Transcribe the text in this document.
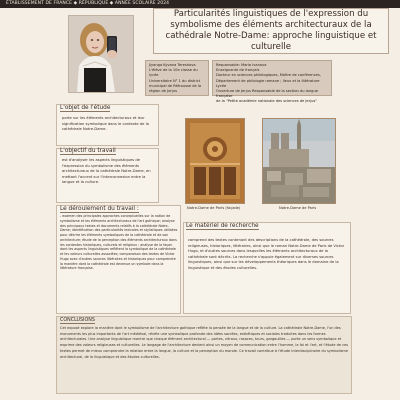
ÉTABLISSEMENT DE FRANCE ◆ RÉPUBLIQUE ◆ ANNÉE SCOLAIRE 2024
Particularités linguistiques de l'expression du symbolisme des éléments architecturaux de la cathédrale Notre-Dame: approche linguistique et culturelle
Jiyanga Kyvana Tereshova
L'élève de la 10e classe du lycée
Universitaire N° 1 du district
municipal de Rétrousse de la
région de Jerjus
Responsable: Maria Ivanova
Enseignante de français
Docteur en sciences philologiques, Maître de conférences,
Département de philologie romane ; lieux et la littérature Lycée
Ouverture de Jerjus Responsable de la section du langue française
de la "Petite académie nationale des sciences de Jerjus"
L'objet de l'étude
porte sur les éléments architecturaux et leur signification symbolique dans le contexte de la cathédrale Notre-Dame.
L'objectif du travail
est d'analyser les aspects linguistiques de l'expression du symbolisme des éléments architecturaux de la cathédrale Notre-Dame, en mettant l'accent sur l'interconnexion entre la langue et la culture.
Le déroulement du travail :
- examen des principales approches conceptuelles sur la notion de symbolisme et les éléments architecturaux de l'art gothique; analyse des principaux textes et documents relatifs à la cathédrale Notre-Dame; identification des particularités lexicales et stylistiques utilisées pour décrire les éléments symboliques de la cathédrale et de son architecture; étude de la perception des éléments architecturaux dans les contextes historiques, culturels et religieux ; analyse de la façon dont les aspects linguistiques reflètent la symbolique de la cathédrale et les valeurs culturelles associées; comparaison des textes de Victor Hugo avec d'autres sources littéraires et historiques pour comprendre la manière dont la cathédrale est devenue un symbole dans la littérature française.
Notre-Dame de Paris (façade)	Notre-Dame de Paris
Le matériel de recherche
comprend des textes contenant des descriptions de la cathédrale, des sources religieuses, historiques, littéraires, ainsi que le roman Notre-Dame de Paris de Victor Hugo, et d'autres sources dans lesquelles les éléments architecturaux de la cathédrale sont décrits. La recherche s'appuie également sur diverses sources linguistiques, ainsi que sur les développements théoriques dans le domaine de la linguistique et des études culturelles.
CONCLUSIONS
Cet exposé explore la manière dont le symbolisme de l'architecture gothique reflète la pensée de la langue et de la culture. La cathédrale Notre-Dame, l'un des monuments les plus importants de l'art médiéval, révèle une symbolique profonde des idées sacrées, esthétiques et sociales traduites dans les formes architecturales. Une analyse linguistique montre que chaque élément architectural — portes, vitraux, rosaces, tours, gargouilles — porte un sens symbolique et exprime des valeurs religieuses et culturelles. Le langage de l'architecture devient ainsi un moyen de communication entre l'homme, la foi et l'art, et l'étude de ces textes permet de mieux comprendre la relation entre la langue, la culture et la perception du monde. Ce travail contribue à l'étude interdisciplinaire du symbolisme architectural, de la linguistique et des études culturelles.
